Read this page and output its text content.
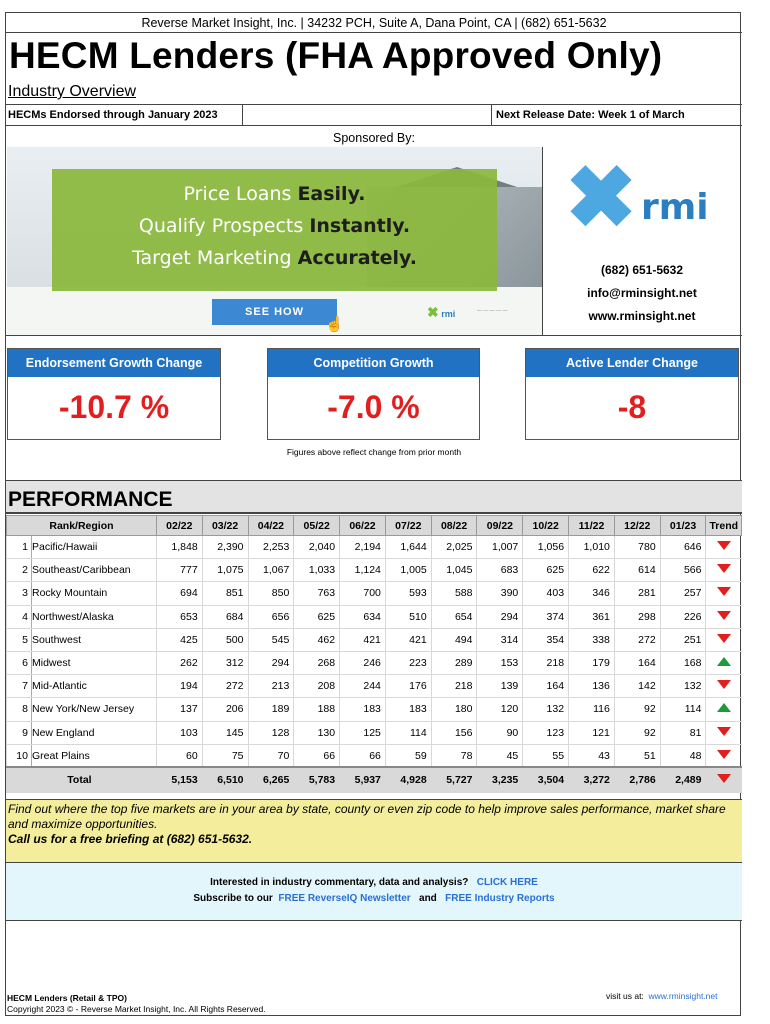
Reverse Market Insight, Inc. | 34232 PCH, Suite A, Dana Point, CA | (682) 651-5632
HECM Lenders (FHA Approved Only)
Industry Overview
HECMs Endorsed through January 2023	Next Release Date: Week 1 of March
Sponsored By:
Price Loans Easily.
Qualify Prospects Instantly.
Target Marketing Accurately.
SEE HOW
☝
✖ rmi	— — — — —
✖ rmi
(682) 651-5632
info@rminsight.net
www.rminsight.net
Endorsement Growth Change
-10.7 %
Competition Growth
-7.0 %
Active Lender Change
-8
Figures above reflect change from prior month
PERFORMANCE
Rank/Region		02/22	03/22	04/22	05/22	06/22	07/22	08/22	09/22	10/22	11/22	12/22	01/23	Trend
1	Pacific/Hawaii	1,848	2,390	2,253	2,040	2,194	1,644	2,025	1,007	1,056	1,010	780	646	
2	Southeast/Caribbean	777	1,075	1,067	1,033	1,124	1,005	1,045	683	625	622	614	566	
3	Rocky Mountain	694	851	850	763	700	593	588	390	403	346	281	257	
4	Northwest/Alaska	653	684	656	625	634	510	654	294	374	361	298	226	
5	Southwest	425	500	545	462	421	421	494	314	354	338	272	251	
6	Midwest	262	312	294	268	246	223	289	153	218	179	164	168	
7	Mid-Atlantic	194	272	213	208	244	176	218	139	164	136	142	132	
8	New York/New Jersey	137	206	189	188	183	183	180	120	132	116	92	114	
9	New England	103	145	128	130	125	114	156	90	123	121	92	81	
10	Great Plains	60	75	70	66	66	59	78	45	55	43	51	48	
Total		5,153	6,510	6,265	5,783	5,937	4,928	5,727	3,235	3,504	3,272	2,786	2,489	

Find out where the top five markets are in your area by state, county or even zip code to help improve sales performance, market share and maximize opportunities.

Call us for a free briefing at (682) 651-5632.

Interested in industry commentary, data and analysis? CLICK HERE
Subscribe to our FREE ReverseIQ Newsletter and FREE Industry Reports
HECM Lenders (Retail & TPO)
Copyright 2023 © - Reverse Market Insight, Inc. All Rights Reserved.
visit us at: www.rminsight.net
